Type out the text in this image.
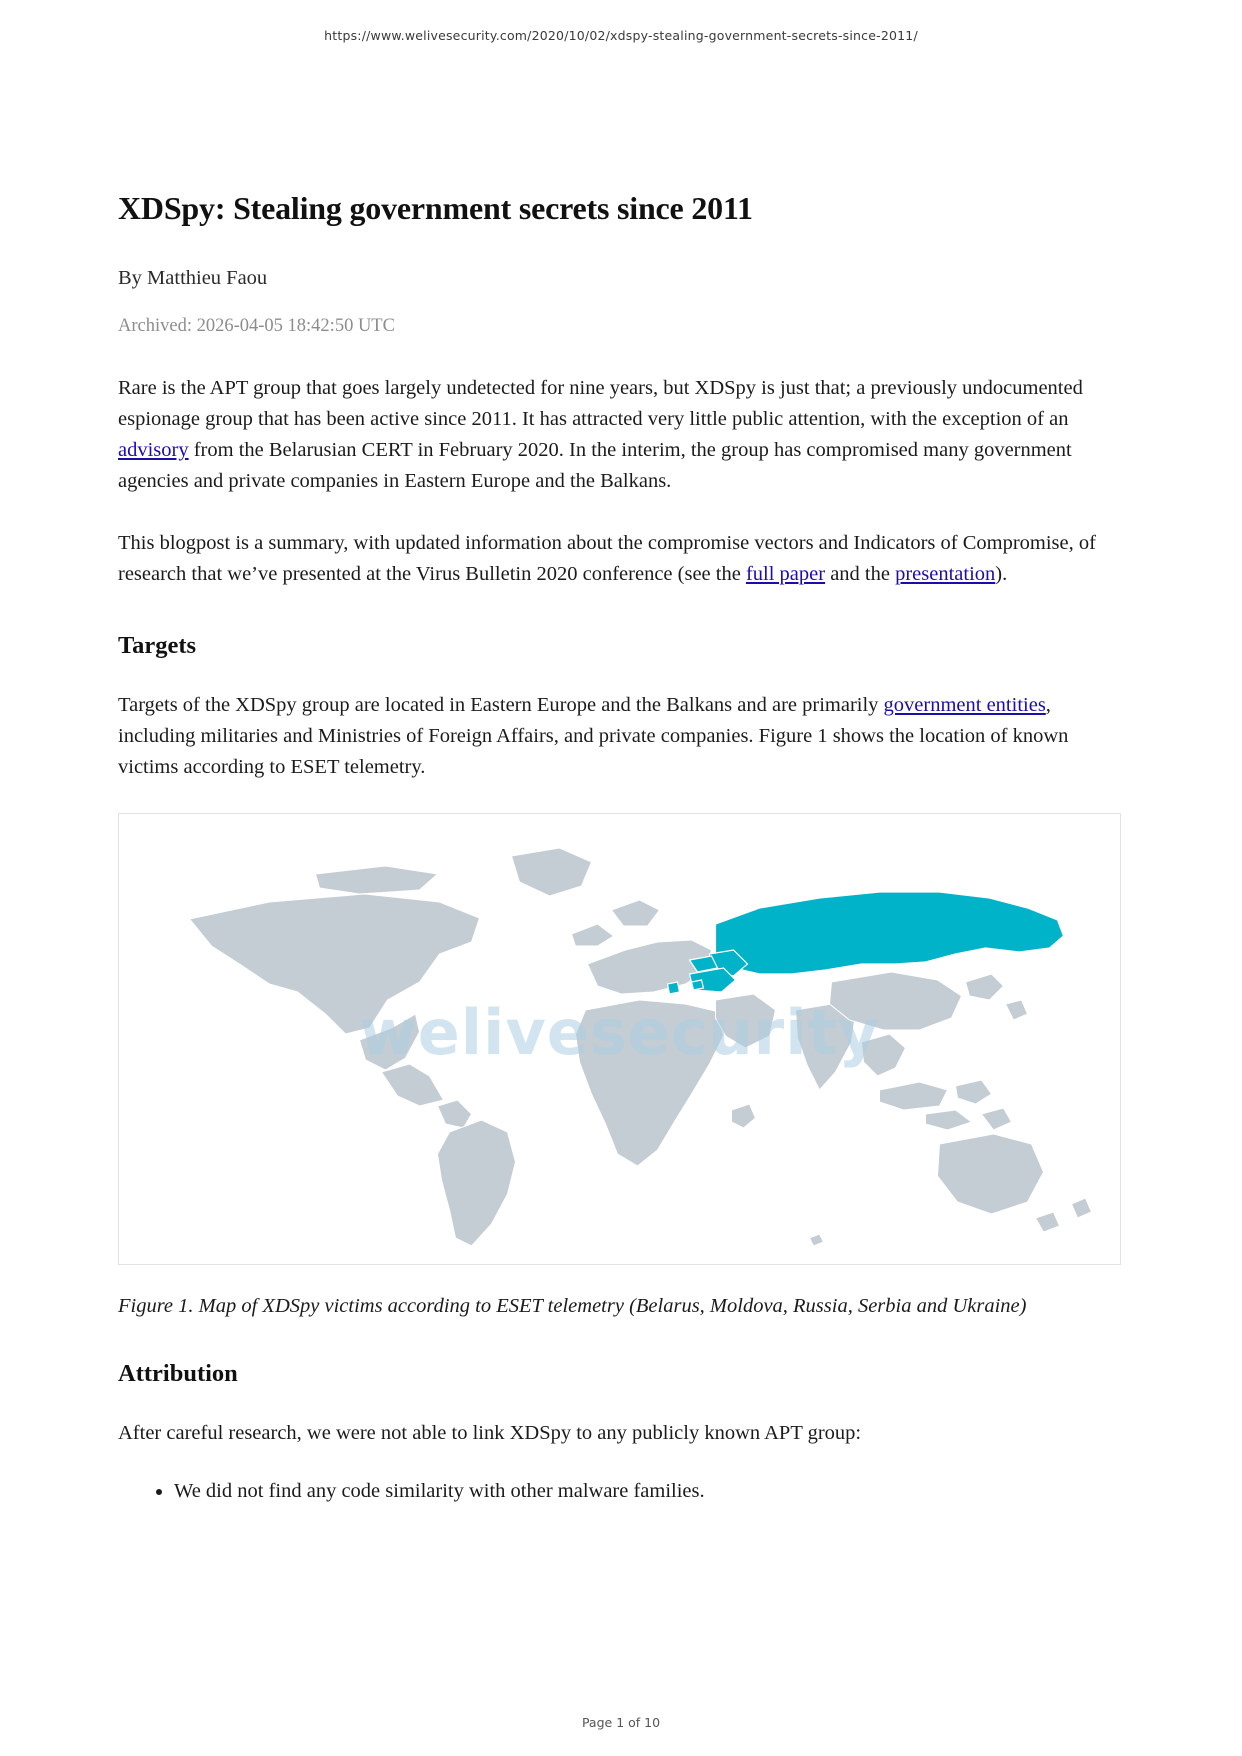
https://www.welivesecurity.com/2020/10/02/xdspy-stealing-government-secrets-since-2011/
XDSpy: Stealing government secrets since 2011
By Matthieu Faou
Archived: 2026-04-05 18:42:50 UTC

Rare is the APT group that goes largely undetected for nine years, but XDSpy is just that; a previously undocumented espionage group that has been active since 2011. It has attracted very little public attention, with the exception of an advisory from the Belarusian CERT in February 2020. In the interim, the group has compromised many government agencies and private companies in Eastern Europe and the Balkans.

This blogpost is a summary, with updated information about the compromise vectors and Indicators of Compromise, of research that we’ve presented at the Virus Bulletin 2020 conference (see the full paper and the presentation).

Targets

Targets of the XDSpy group are located in Eastern Europe and the Balkans and are primarily government entities, including militaries and Ministries of Foreign Affairs, and private companies. Figure 1 shows the location of known victims according to ESET telemetry.

welivesecurity
Figure 1. Map of XDSpy victims according to ESET telemetry (Belarus, Moldova, Russia, Serbia and Ukraine)
Attribution

After careful research, we were not able to link XDSpy to any publicly known APT group:

• We did not find any code similarity with other malware families.
Page 1 of 10
